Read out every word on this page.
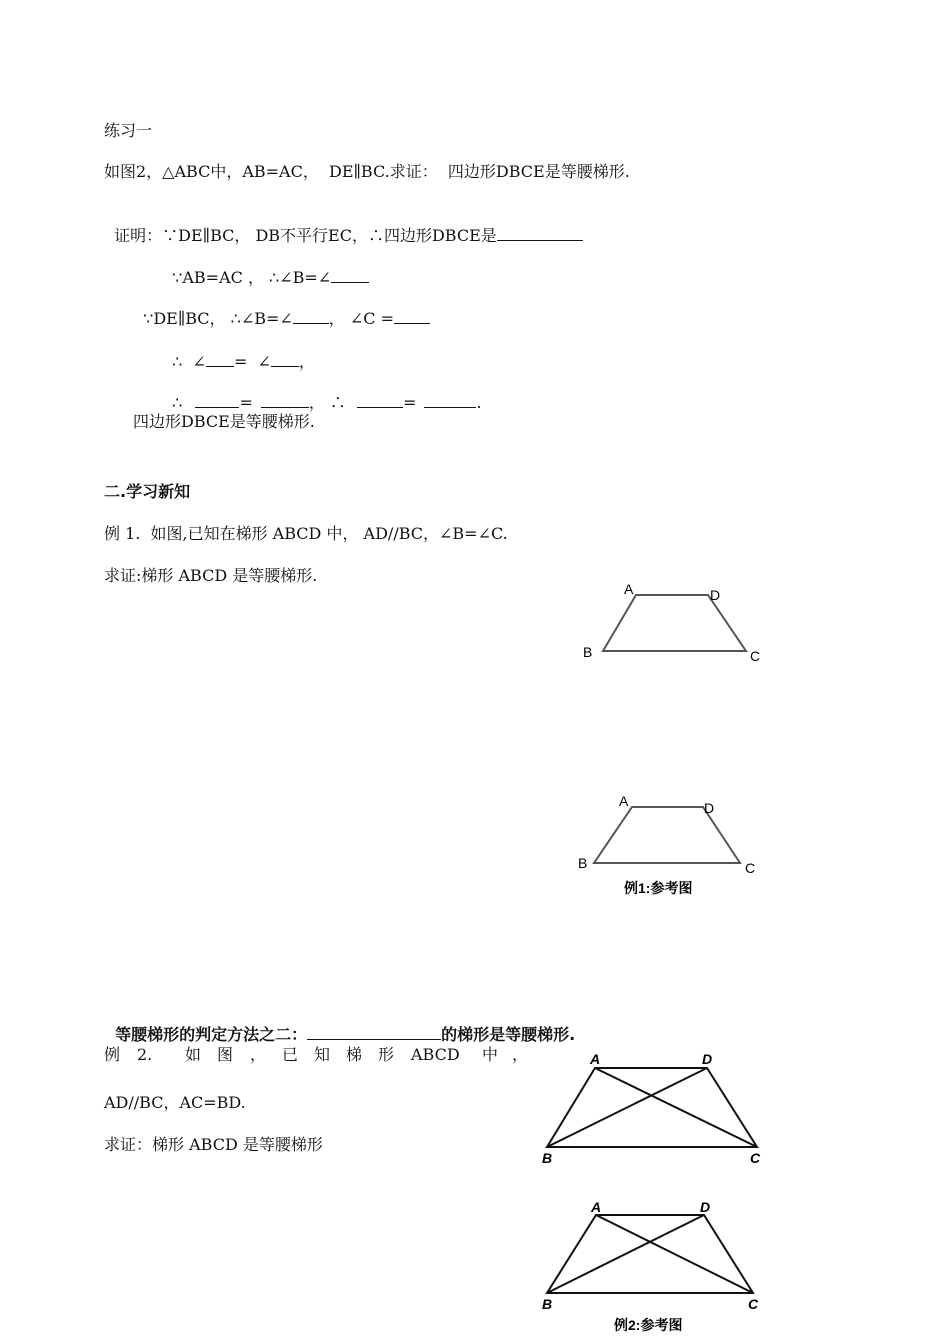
练习一
如图2，△ABC中，AB=AC，  DE∥BC.求证：  四边形DBCE是等腰梯形.

证明：∵DE∥BC， DB不平行EC，∴四边形DBCE是

∵AB=AC ， ∴∠B=∠

∵DE∥BC， ∴∠B=∠ ， ∠C =

∴  ∠ =  ∠ ，

∴	=	， ∴	=	.

四边形DBCE是等腰梯形.
二.学习新知
例 1.  如图,已知在梯形 ABCD 中， AD//BC，∠B=∠C.
求证:梯形 ABCD 是等腰梯形.
A	D
B	C
A	D
B	C
例1:参考图

等腰梯形的判定方法之二：	的梯形是等腰梯形.

例 2. 如 图 ， 已 知 梯 形 ABCD 中 ，
AD//BC，AC=BD.
求证：梯形 ABCD 是等腰梯形
A	D
B	C
A	D
B	C
例2:参考图
